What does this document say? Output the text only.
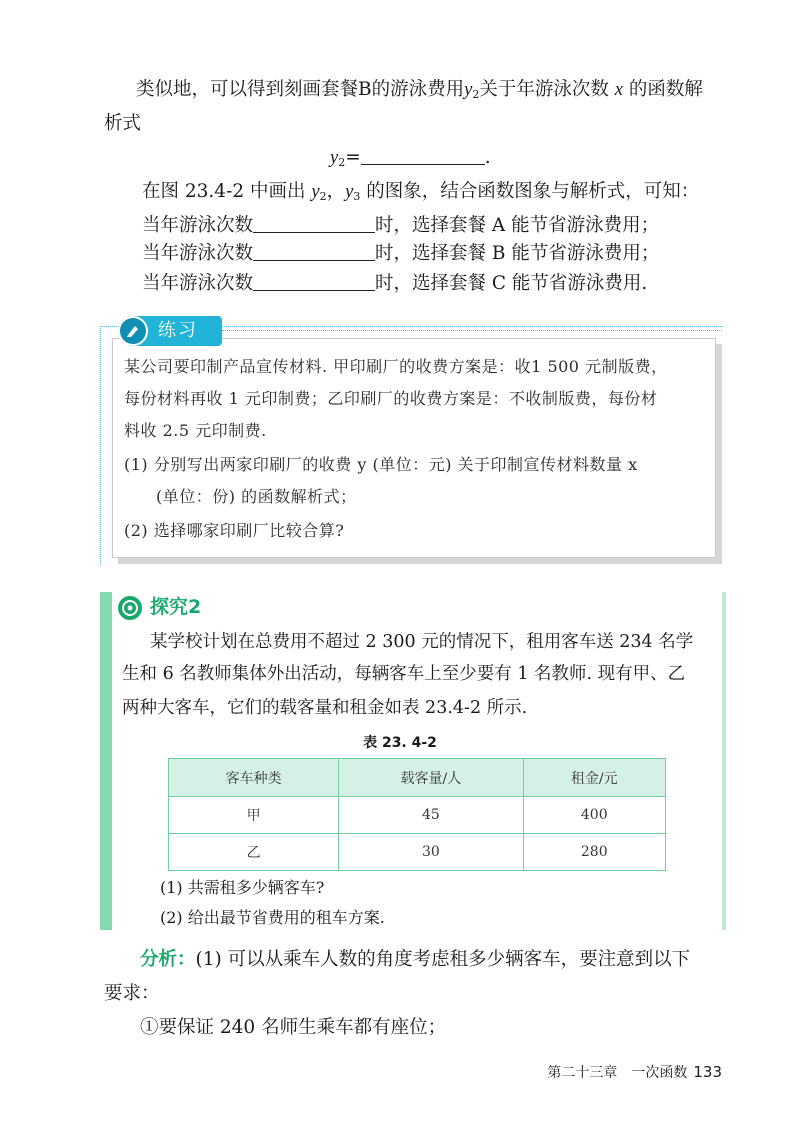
类似地，可以得到刻画套餐B的游泳费用$y_2$关于年游泳次数 x 的函数解
析式
$y_2=$	.
在图 23.4-2 中画出 $y_2$，$y_3$ 的图象，结合函数图象与解析式，可知：
当年游泳次数	时，选择套餐 A 能节省游泳费用；
当年游泳次数	时，选择套餐 B 能节省游泳费用；
当年游泳次数	时，选择套餐 C 能节省游泳费用.
练习
某公司要印制产品宣传材料. 甲印刷厂的收费方案是：收1 500 元制版费，
每份材料再收 1 元印制费；乙印刷厂的收费方案是：不收制版费，每份材
料收 2.5 元印制费.
(1) 分别写出两家印刷厂的收费 y (单位：元) 关于印制宣传材料数量 x
(单位：份) 的函数解析式；
(2) 选择哪家印刷厂比较合算?
探究2
某学校计划在总费用不超过 2 300 元的情况下，租用客车送 234 名学
生和 6 名教师集体外出活动，每辆客车上至少要有 1 名教师. 现有甲、乙
两种大客车，它们的载客量和租金如表 23.4-2 所示.
表 23. 4-2
客车种类	载客量/人	租金/元
甲	45	400
乙	30	280
(1) 共需租多少辆客车?
(2) 给出最节省费用的租车方案.
分析：(1) 可以从乘车人数的角度考虑租多少辆客车，要注意到以下
要求：
①要保证 240 名师生乘车都有座位；
第二十三章　一次函数 133
